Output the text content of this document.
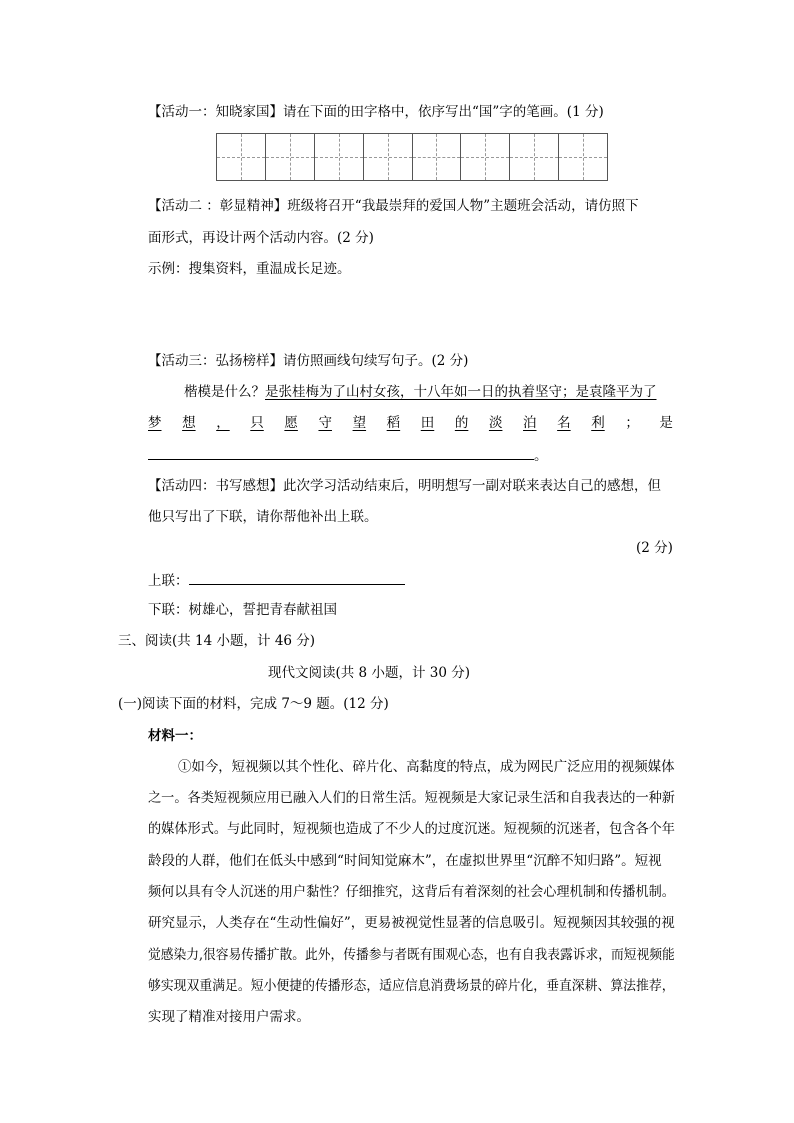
【活动一：知晓家国】请在下面的田字格中，依序写出“国”字的笔画。(1 分)
【活动二 ：彰显精神】班级将召开“我最崇拜的爱国人物”主题班会活动，请仿照下
面形式，再设计两个活动内容。(2 分)
示例：搜集资料，重温成长足迹。
【活动三：弘扬榜样】请仿照画线句续写句子。(2 分)
楷模是什么？是张桂梅为了山村女孩，十八年如一日的执着坚守；是袁隆平为了
梦 想 ， 只 愿 守 望 稻 田 的 淡 泊 名 利 ； 是
。
【活动四：书写感想】此次学习活动结束后，明明想写一副对联来表达自己的感想，但
他只写出了下联，请你帮他补出上联。
(2 分)
上联：
下联：树雄心，誓把青春献祖国
三、阅读(共 14 小题，计 46 分)
现代文阅读(共 8 小题，计 30 分)
(一)阅读下面的材料，完成 7～9 题。(12 分)
材料一：
①如今，短视频以其个性化、碎片化、高黏度的特点，成为网民广泛应用的视频媒体
之一。各类短视频应用已融入人们的日常生活。短视频是大家记录生活和自我表达的一种新
的媒体形式。与此同时，短视频也造成了不少人的过度沉迷。短视频的沉迷者，包含各个年
龄段的人群，他们在低头中感到“时间知觉麻木”，在虚拟世界里“沉醉不知归路”。短视
频何以具有令人沉迷的用户黏性？仔细推究，这背后有着深刻的社会心理机制和传播机制。
研究显示，人类存在“生动性偏好”，更易被视觉性显著的信息吸引。短视频因其较强的视
觉感染力,很容易传播扩散。此外，传播参与者既有围观心态，也有自我表露诉求，而短视频能
够实现双重满足。短小便捷的传播形态，适应信息消费场景的碎片化，垂直深耕、算法推荐，
实现了精准对接用户需求。
